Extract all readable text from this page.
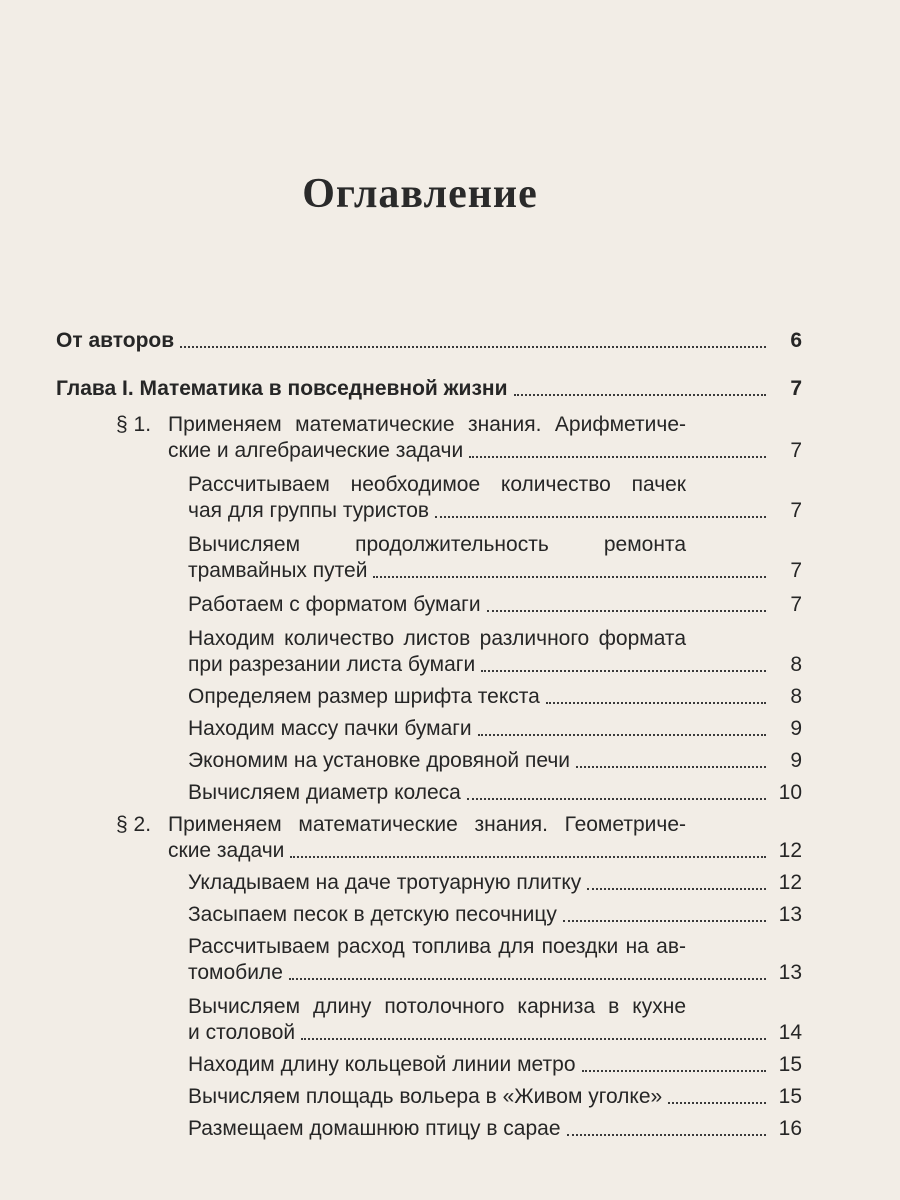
Оглавление
От авторов	6
Глава I. Математика в повседневной жизни	7
§ 1. Применяем математические знания. Арифметиче-
ские и алгебраические задачи	7
Рассчитываем необходимое количество пачек
чая для группы туристов	7
Вычисляем продолжительность ремонта
трамвайных путей	7
Работаем с форматом бумаги	7
Находим количество листов различного формата
при разрезании листа бумаги	8
Определяем размер шрифта текста	8
Находим массу пачки бумаги	9
Экономим на установке дровяной печи	9
Вычисляем диаметр колеса	10
§ 2. Применяем математические знания. Геометриче-
ские задачи	12
Укладываем на даче тротуарную плитку	12
Засыпаем песок в детскую песочницу	13
Рассчитываем расход топлива для поездки на ав-
томобиле	13
Вычисляем длину потолочного карниза в кухне
и столовой	14
Находим длину кольцевой линии метро	15
Вычисляем площадь вольера в «Живом уголке»	15
Размещаем домашнюю птицу в сарае	16
